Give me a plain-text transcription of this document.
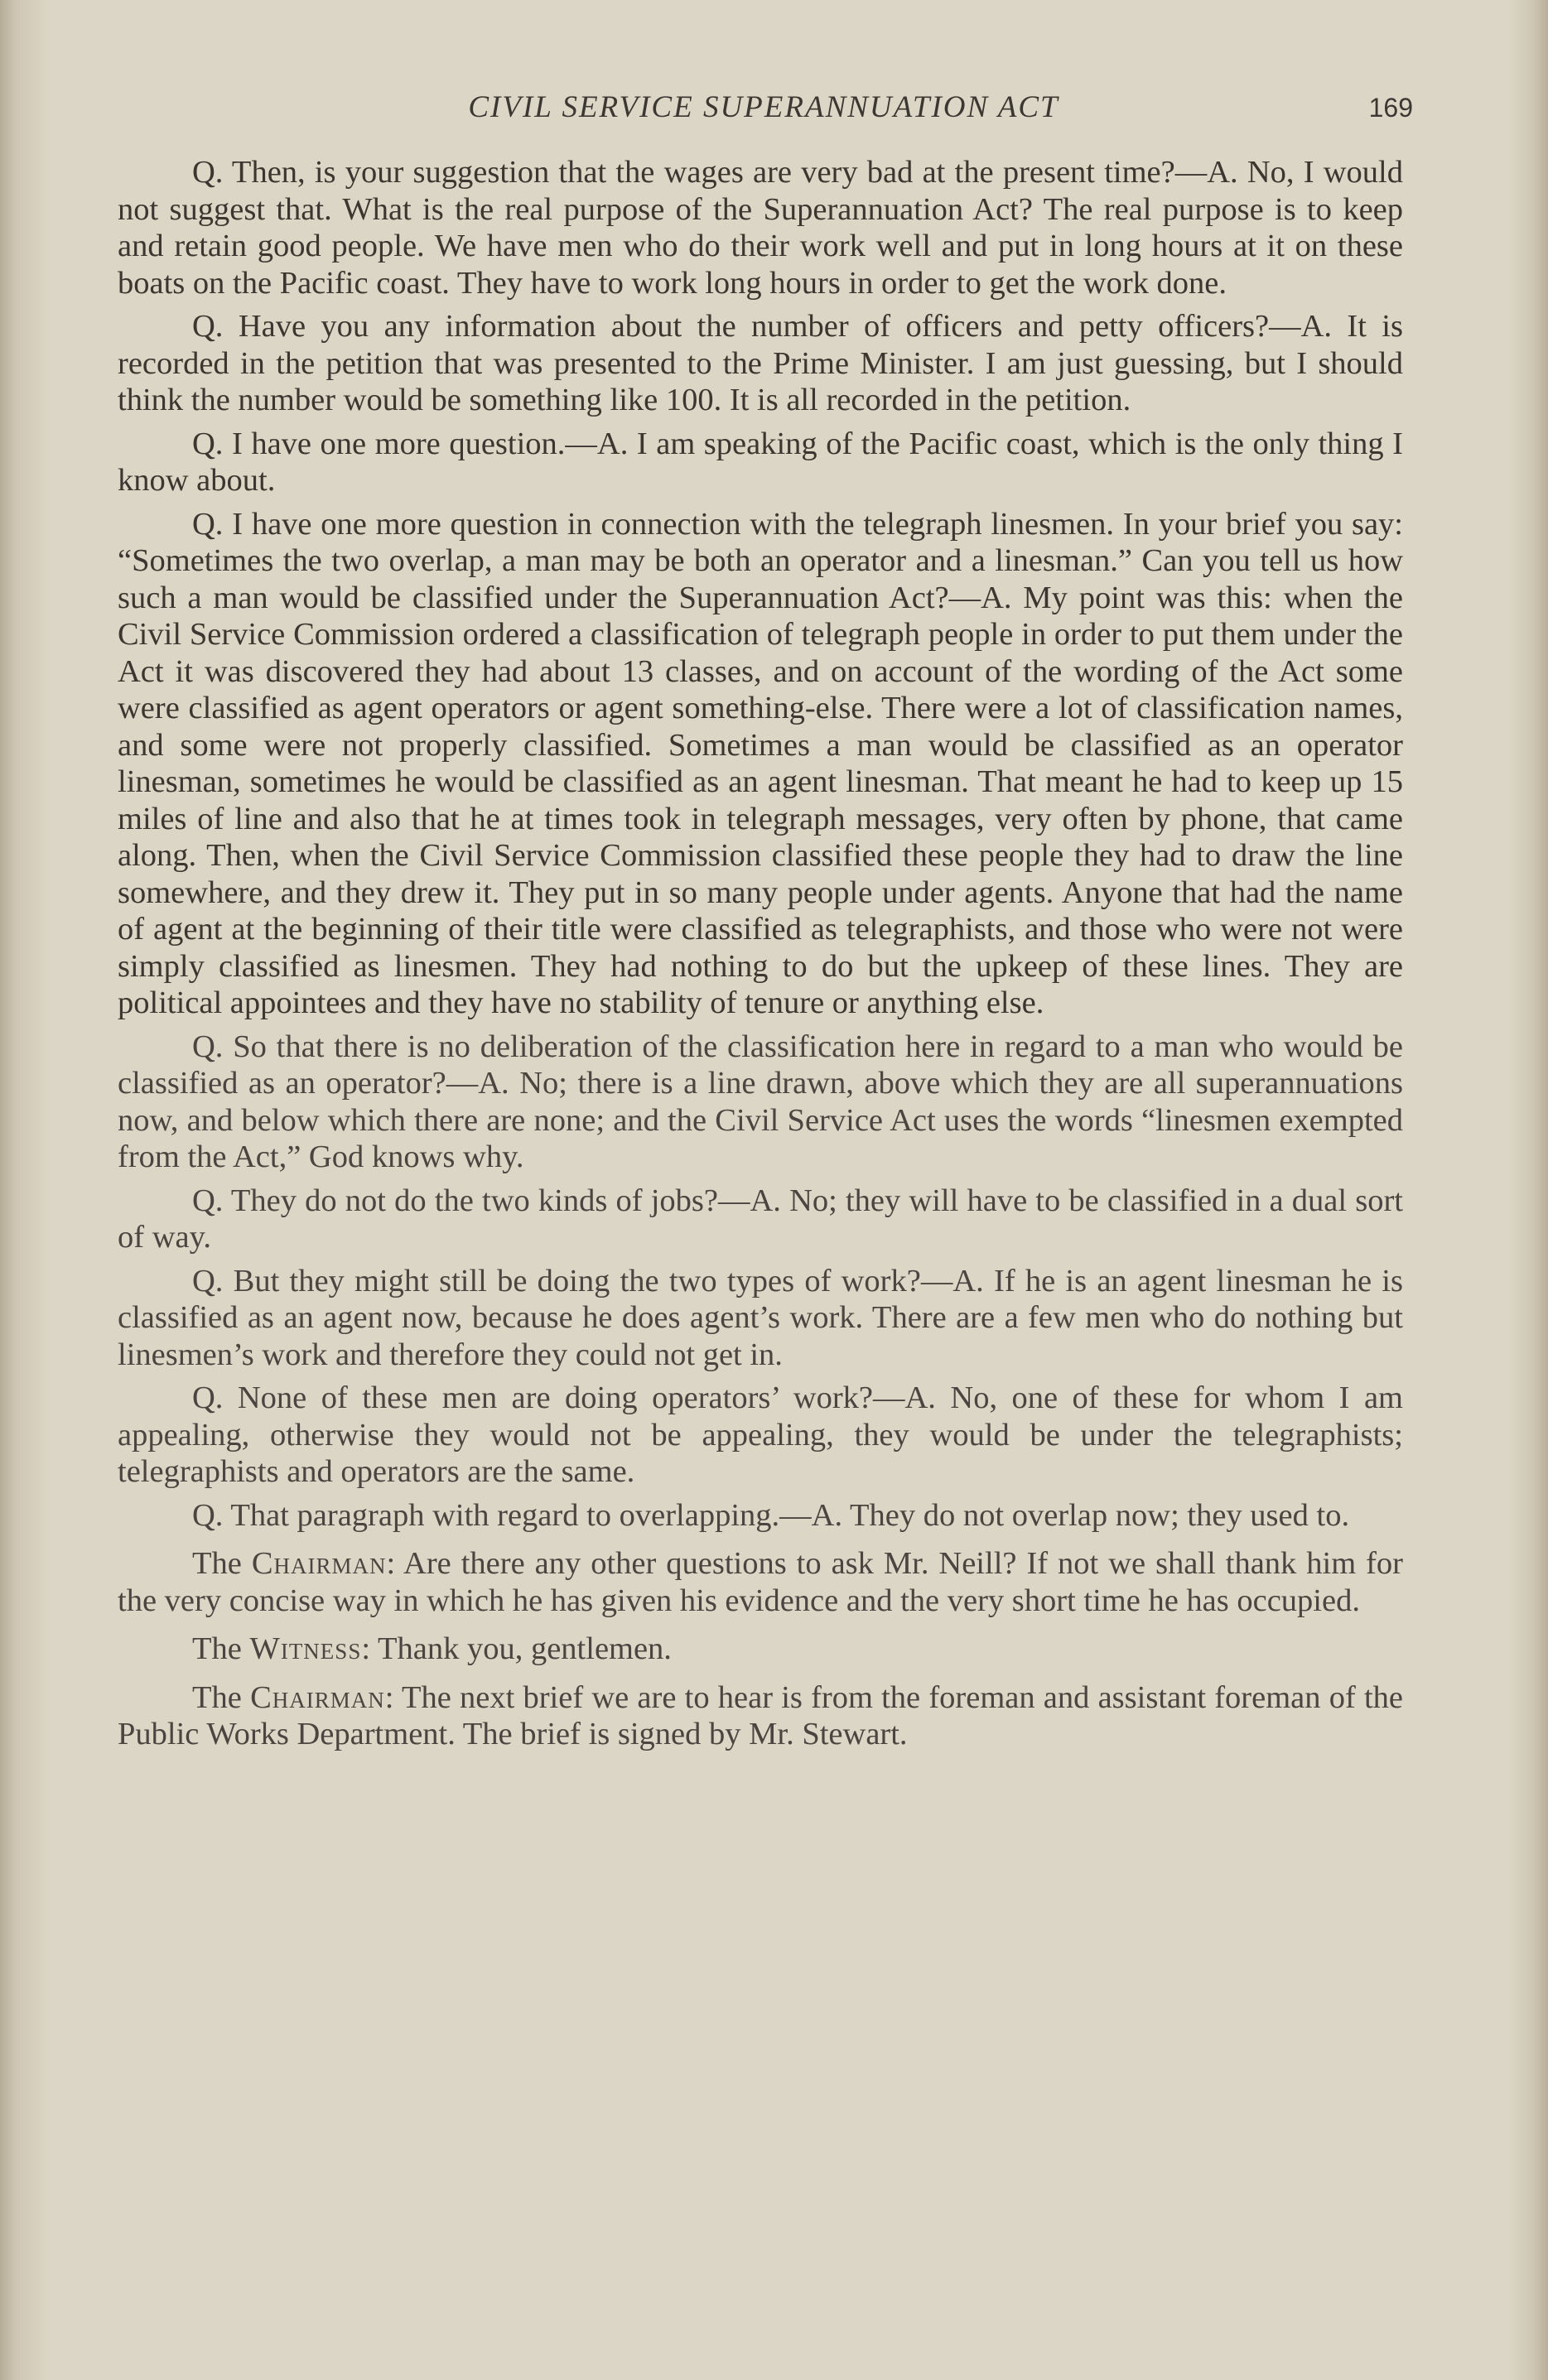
CIVIL SERVICE SUPERANNUATION ACT	169

Q. Then, is your suggestion that the wages are very bad at the present time?—A. No, I would not suggest that. What is the real purpose of the Superannuation Act? The real purpose is to keep and retain good people. We have men who do their work well and put in long hours at it on these boats on the Pacific coast. They have to work long hours in order to get the work done.

Q. Have you any information about the number of officers and petty officers?—A. It is recorded in the petition that was presented to the Prime Minister. I am just guessing, but I should think the number would be something like 100. It is all recorded in the petition.

Q. I have one more question.—A. I am speaking of the Pacific coast, which is the only thing I know about.

Q. I have one more question in connection with the telegraph linesmen. In your brief you say: “Sometimes the two overlap, a man may be both an operator and a linesman.” Can you tell us how such a man would be classified under the Superannuation Act?—A. My point was this: when the Civil Service Commission ordered a classification of telegraph people in order to put them under the Act it was discovered they had about 13 classes, and on account of the wording of the Act some were classified as agent operators or agent something-else. There were a lot of classification names, and some were not properly classified. Sometimes a man would be classified as an operator linesman, sometimes he would be classified as an agent linesman. That meant he had to keep up 15 miles of line and also that he at times took in telegraph messages, very often by phone, that came along. Then, when the Civil Service Commission classified these people they had to draw the line somewhere, and they drew it. They put in so many people under agents. Anyone that had the name of agent at the beginning of their title were classified as telegraphists, and those who were not were simply classified as linesmen. They had nothing to do but the upkeep of these lines. They are political appointees and they have no stability of tenure or anything else.

Q. So that there is no deliberation of the classification here in regard to a man who would be classified as an operator?—A. No; there is a line drawn, above which they are all superannuations now, and below which there are none; and the Civil Service Act uses the words “linesmen exempted from the Act,” God knows why.

Q. They do not do the two kinds of jobs?—A. No; they will have to be classified in a dual sort of way.

Q. But they might still be doing the two types of work?—A. If he is an agent linesman he is classified as an agent now, because he does agent’s work. There are a few men who do nothing but linesmen’s work and therefore they could not get in.

Q. None of these men are doing operators’ work?—A. No, one of these for whom I am appealing, otherwise they would not be appealing, they would be under the telegraphists; telegraphists and operators are the same.

Q. That paragraph with regard to overlapping.—A. They do not overlap now; they used to.

The Chairman: Are there any other questions to ask Mr. Neill? If not we shall thank him for the very concise way in which he has given his evidence and the very short time he has occupied.

The Witness: Thank you, gentlemen.

The Chairman: The next brief we are to hear is from the foreman and assistant foreman of the Public Works Department. The brief is signed by Mr. Stewart.
